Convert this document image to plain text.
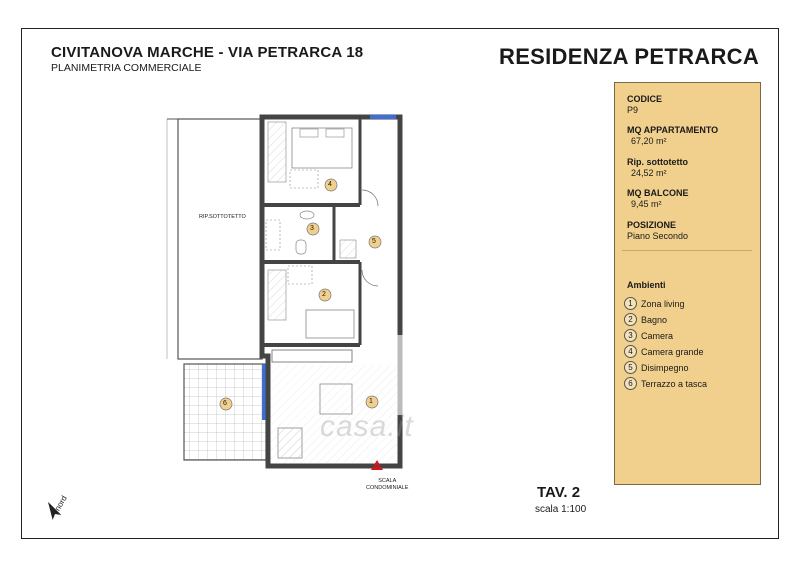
CIVITANOVA MARCHE - VIA PETRARCA 18
PLANIMETRIA COMMERCIALE	RESIDENZA PETRARCA
CODICE
P9
MQ APPARTAMENTO
67,20 m²
Rip. sottotetto
24,52 m²
MQ BALCONE
9,45 m²
POSIZIONE
Piano Secondo
Ambienti
1 Zona living
2 Bagno
3 Camera
4 Camera grande
5 Disimpegno
6 Terrazzo a tasca
1
2
3
4
5
6
RIP.SOTTOTETTO
SCALA
CONDOMINIALE
nord
casa.it
TAV. 2
scala 1:100
